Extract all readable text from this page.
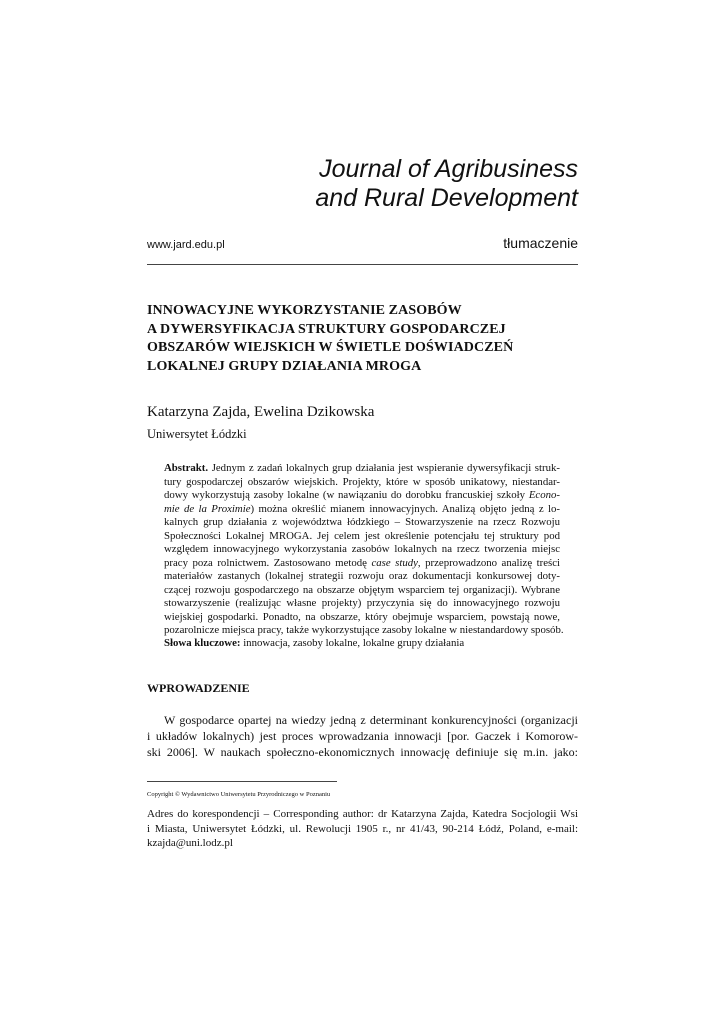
Journal of Agribusiness
and Rural Development
www.jard.edu.pl	tłumaczenie
INNOWACYJNE WYKORZYSTANIE ZASOBÓW
A DYWERSYFIKACJA STRUKTURY GOSPODARCZEJ
OBSZARÓW WIEJSKICH W ŚWIETLE DOŚWIADCZEŃ
LOKALNEJ GRUPY DZIAŁANIA MROGA
Katarzyna Zajda, Ewelina Dzikowska
Uniwersytet Łódzki
Abstrakt. Jednym z zadań lokalnych grup działania jest wspieranie dywersyfikacji struk-
tury gospodarczej obszarów wiejskich. Projekty, które w sposób unikatowy, niestandar-
dowy wykorzystują zasoby lokalne (w nawiązaniu do dorobku francuskiej szkoły Econo-
mie de la Proximie) można określić mianem innowacyjnych. Analizą objęto jedną z lo-
kalnych grup działania z województwa łódzkiego – Stowarzyszenie na rzecz Rozwoju
Społeczności Lokalnej MROGA. Jej celem jest określenie potencjału tej struktury pod
względem innowacyjnego wykorzystania zasobów lokalnych na rzecz tworzenia miejsc
pracy poza rolnictwem. Zastosowano metodę case study, przeprowadzono analizę treści
materiałów zastanych (lokalnej strategii rozwoju oraz dokumentacji konkursowej doty-
czącej rozwoju gospodarczego na obszarze objętym wsparciem tej organizacji). Wybrane
stowarzyszenie (realizując własne projekty) przyczynia się do innowacyjnego rozwoju
wiejskiej gospodarki. Ponadto, na obszarze, który obejmuje wsparciem, powstają nowe,
pozarolnicze miejsca pracy, także wykorzystujące zasoby lokalne w niestandardowy sposób.
Słowa kluczowe: innowacja, zasoby lokalne, lokalne grupy działania
WPROWADZENIE
W gospodarce opartej na wiedzy jedną z determinant konkurencyjności (organizacji
i układów lokalnych) jest proces wprowadzania innowacji [por. Gaczek i Komorow-
ski 2006]. W naukach społeczno-ekonomicznych innowację definiuje się m.in. jako:
Copyright © Wydawnictwo Uniwersytetu Przyrodniczego w Poznaniu
Adres do korespondencji – Corresponding author: dr Katarzyna Zajda, Katedra Socjologii Wsi
i Miasta, Uniwersytet Łódzki, ul. Rewolucji 1905 r., nr 41/43, 90-214 Łódź, Poland, e-mail:
kzajda@uni.lodz.pl
